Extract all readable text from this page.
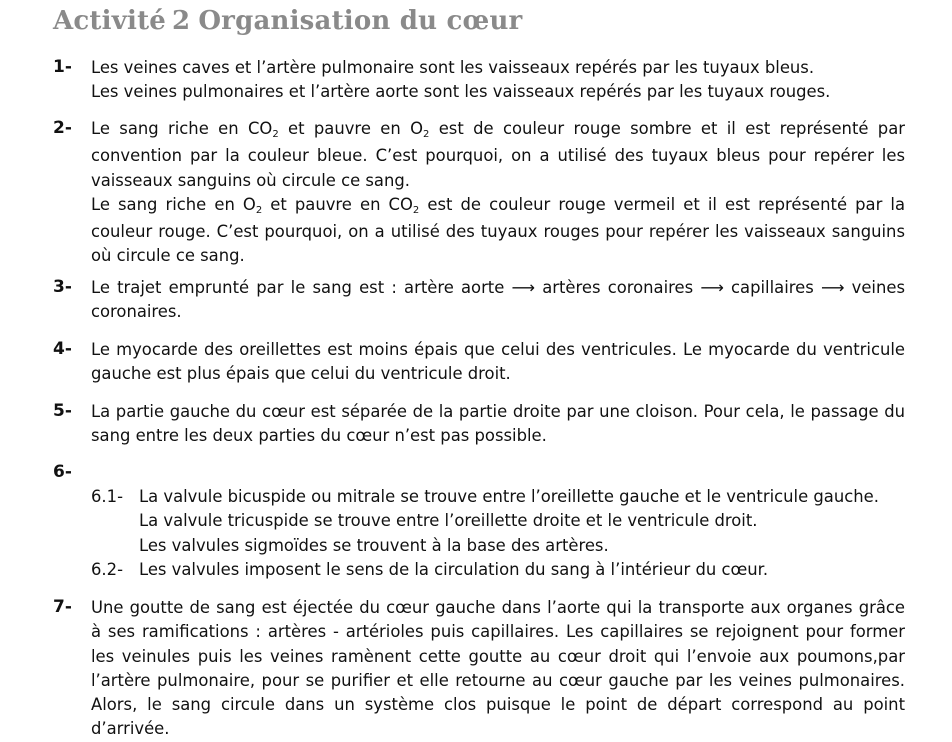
Activité 2 Organisation du cœur
1- Les veines caves et l’artère pulmonaire sont les vaisseaux repérés par les tuyaux bleus.

Les veines pulmonaires et l’artère aorte sont les vaisseaux repérés par les tuyaux rouges.

2- Le sang riche en $CO_2$ et pauvre en $O_2$ est de couleur rouge sombre et il est représenté par convention par la couleur bleue. C’est pourquoi, on a utilisé des tuyaux bleus pour repérer les vaisseaux sanguins où circule ce sang.

Le sang riche en $O_2$ et pauvre en $CO_2$ est de couleur rouge vermeil et il est représenté par la couleur rouge. C’est pourquoi, on a utilisé des tuyaux rouges pour repérer les vaisseaux sanguins où circule ce sang.

3- Le trajet emprunté par le sang est : artère aorte ⟶ artères coronaires ⟶ capillaires ⟶ veines coronaires.

4- Le myocarde des oreillettes est moins épais que celui des ventricules. Le myocarde du ventricule gauche est plus épais que celui du ventricule droit.

5- La partie gauche du cœur est séparée de la partie droite par une cloison. Pour cela, le passage du sang entre les deux parties du cœur n’est pas possible.

6-
6.1- La valvule bicuspide ou mitrale se trouve entre l’oreillette gauche et le ventricule gauche.

La valvule tricuspide se trouve entre l’oreillette droite et le ventricule droit.

Les valvules sigmoïdes se trouvent à la base des artères.

6.2- Les valvules imposent le sens de la circulation du sang à l’intérieur du cœur.

7- Une goutte de sang est éjectée du cœur gauche dans l’aorte qui la transporte aux organes grâce à ses ramifications : artères - artérioles puis capillaires. Les capillaires se rejoignent pour former les veinules puis les veines ramènent cette goutte au cœur droit qui l’envoie aux poumons,par l’artère pulmonaire, pour se purifier et elle retourne au cœur gauche par les veines pulmonaires. Alors, le sang circule dans un système clos puisque le point de départ correspond au point d’arrivée.
